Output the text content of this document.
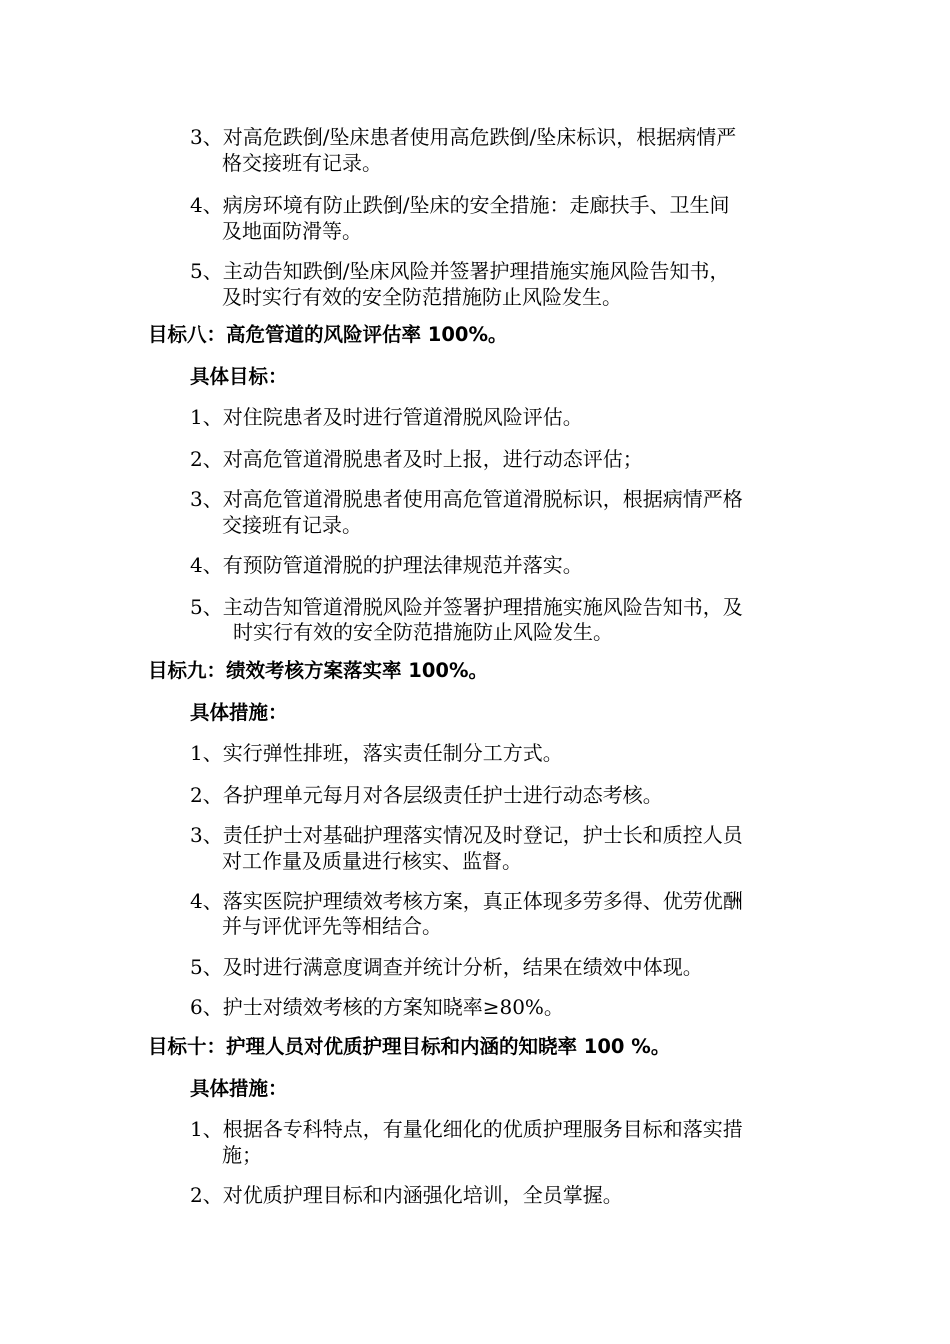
3、对高危跌倒/坠床患者使用高危跌倒/坠床标识，根据病情严
格交接班有记录。
4、病房环境有防止跌倒/坠床的安全措施：走廊扶手、卫生间
及地面防滑等。
5、主动告知跌倒/坠床风险并签署护理措施实施风险告知书，
及时实行有效的安全防范措施防止风险发生。
目标八：高危管道的风险评估率 100%。
具体目标：
1、对住院患者及时进行管道滑脱风险评估。
2、对高危管道滑脱患者及时上报，进行动态评估；
3、对高危管道滑脱患者使用高危管道滑脱标识，根据病情严格
交接班有记录。
4、有预防管道滑脱的护理法律规范并落实。
5、主动告知管道滑脱风险并签署护理措施实施风险告知书，及
时实行有效的安全防范措施防止风险发生。
目标九：绩效考核方案落实率 100%。
具体措施：
1、实行弹性排班，落实责任制分工方式。
2、各护理单元每月对各层级责任护士进行动态考核。
3、责任护士对基础护理落实情况及时登记，护士长和质控人员
对工作量及质量进行核实、监督。
4、落实医院护理绩效考核方案，真正体现多劳多得、优劳优酬
并与评优评先等相结合。
5、及时进行满意度调查并统计分析，结果在绩效中体现。
6、护士对绩效考核的方案知晓率≥80%。
目标十：护理人员对优质护理目标和内涵的知晓率 100 %。
具体措施：
1、根据各专科特点，有量化细化的优质护理服务目标和落实措
施；
2、对优质护理目标和内涵强化培训，全员掌握。
